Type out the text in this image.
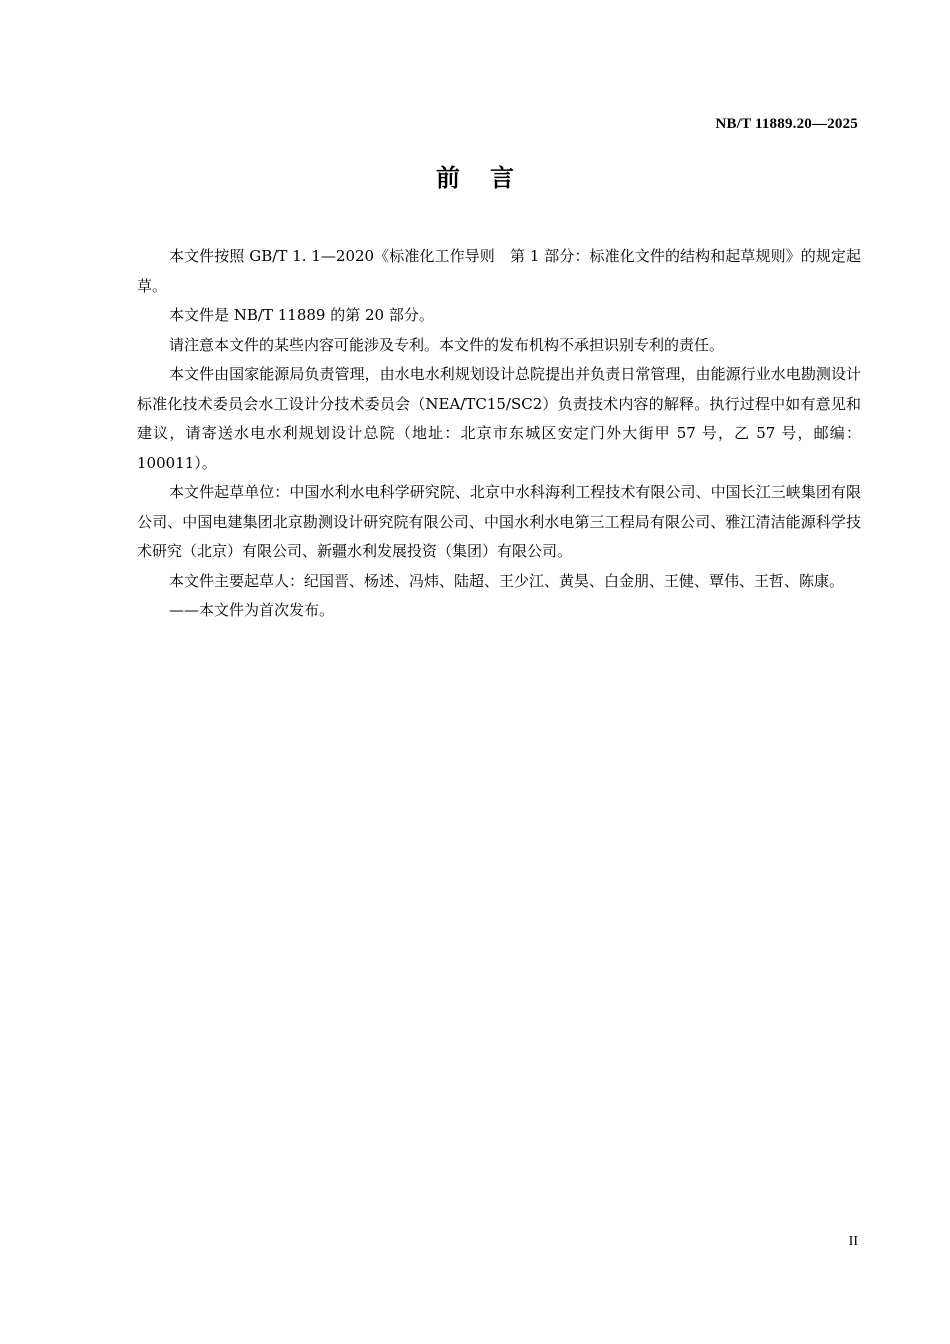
NB/T 11889.20—2025
前言

本文件按照 GB/T 1. 1—2020《标准化工作导则　第 1 部分：标准化文件的结构和起草规则》的规定起草。

本文件是 NB/T 11889 的第 20 部分。

请注意本文件的某些内容可能涉及专利。本文件的发布机构不承担识别专利的责任。

本文件由国家能源局负责管理，由水电水利规划设计总院提出并负责日常管理，由能源行业水电勘测设计标准化技术委员会水工设计分技术委员会（NEA/TC15/SC2）负责技术内容的解释。执行过程中如有意见和建议，请寄送水电水利规划设计总院（地址：北京市东城区安定门外大街甲 57 号，乙 57 号，邮编：100011）。

本文件起草单位：中国水利水电科学研究院、北京中水科海利工程技术有限公司、中国长江三峡集团有限公司、中国电建集团北京勘测设计研究院有限公司、中国水利水电第三工程局有限公司、雅江清洁能源科学技术研究（北京）有限公司、新疆水利发展投资（集团）有限公司。

本文件主要起草人：纪国晋、杨述、冯炜、陆超、王少江、黄昊、白金朋、王健、覃伟、王哲、陈康。

——本文件为首次发布。

II
